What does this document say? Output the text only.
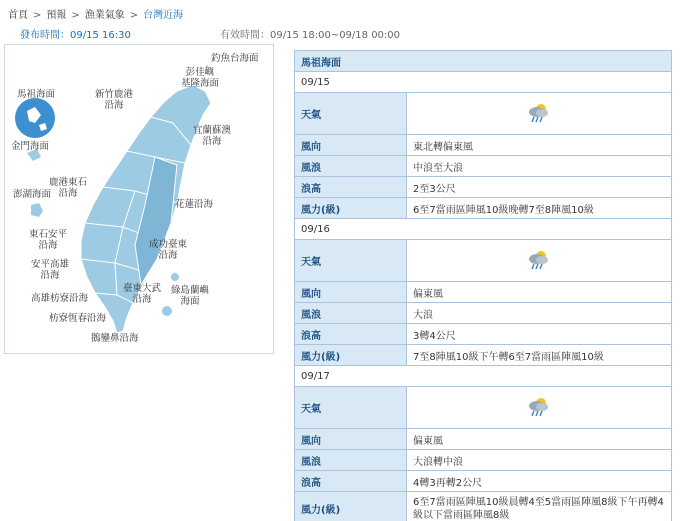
首頁 > 預報 > 漁業氣象 > 台灣近海
發布時間：09/15 16:30	有效時間：09/15 18:00~09/18 00:00
釣魚台海面
彭佳嶼
基隆海面
馬祖海面	新竹鹿港
沿海
宜蘭蘇澳
沿海
金門海面
鹿港東石
沿海
澎湖海面
花蓮沿海
東石安平
沿海	成功臺東
沿海
安平高雄
沿海
高雄枋寮沿海
臺東大武
沿海
綠島蘭嶼
海面
枋寮恆春沿海
鵝鑾鼻沿海
馬祖海面	
09/15	
天氣	
風向	東北轉偏東風
風浪	中浪至大浪
浪高	2至3公尺
風力(級)	6至7當雨區陣風10級晚轉7至8陣風10級
09/16	
天氣	
風向	偏東風
風浪	大浪
浪高	3轉4公尺
風力(級)	7至8陣風10級下午轉6至7當雨區陣風10級
09/17	
天氣	
風向	偏東風
風浪	大浪轉中浪
浪高	4轉3再轉2公尺
風力(級)	6至7當雨區陣風10級晨轉4至5當雨區陣風8級下午再轉4級以下當雨區陣風8級
